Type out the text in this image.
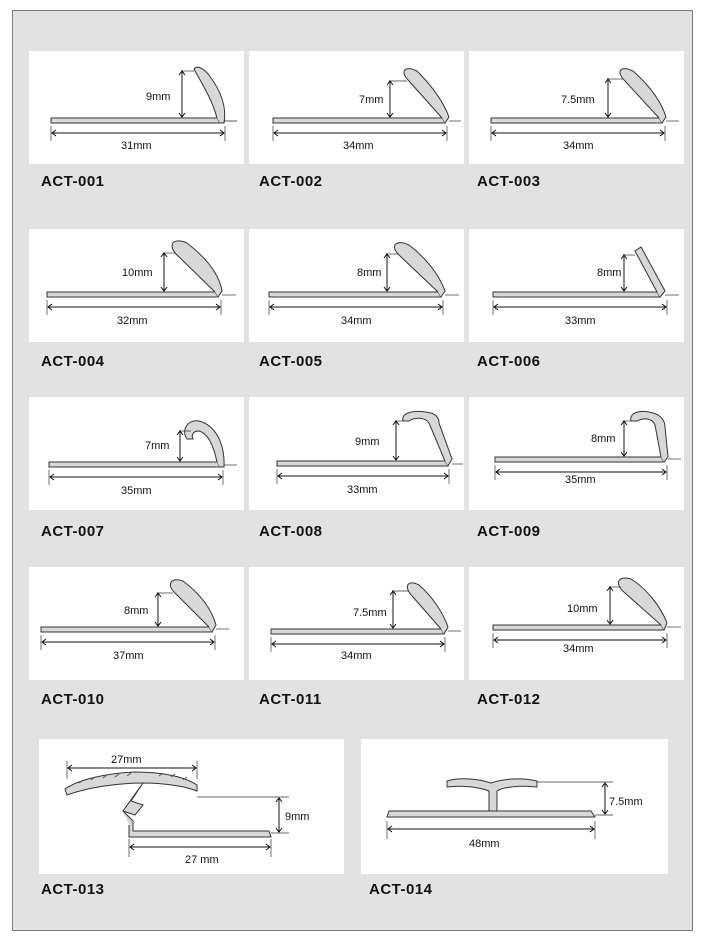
9mm
31mm
ACT-001
7mm
34mm
ACT-002
7.5mm
34mm
ACT-003
10mm
32mm
ACT-004
8mm
34mm
ACT-005
8mm
33mm
ACT-006
7mm
35mm
ACT-007
9mm
33mm
ACT-008
8mm
35mm
ACT-009
8mm
37mm
ACT-010
7.5mm
34mm
ACT-011
10mm
34mm
ACT-012
27mm
9mm
27 mm
ACT-013
7.5mm
48mm
ACT-014
